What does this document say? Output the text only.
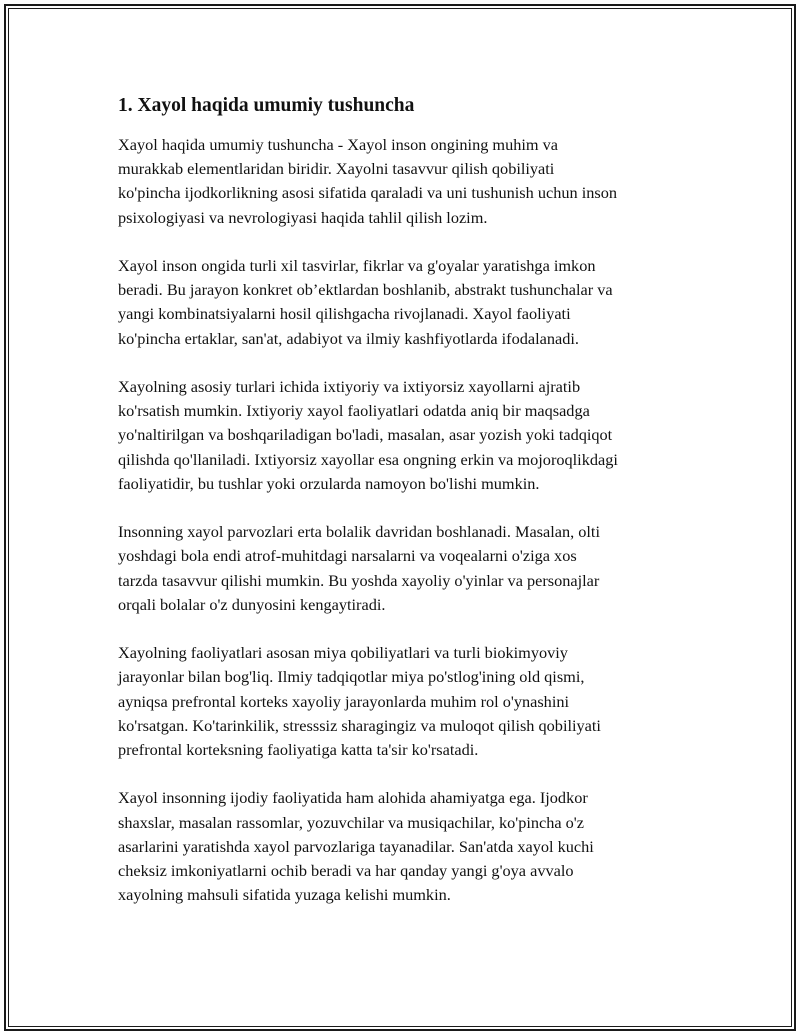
1. Xayol haqida umumiy tushuncha

Xayol haqida umumiy tushuncha - Xayol inson ongining muhim va
murakkab elementlaridan biridir. Xayolni tasavvur qilish qobiliyati
ko'pincha ijodkorlikning asosi sifatida qaraladi va uni tushunish uchun inson
psixologiyasi va nevrologiyasi haqida tahlil qilish lozim.

Xayol inson ongida turli xil tasvirlar, fikrlar va g'oyalar yaratishga imkon
beradi. Bu jarayon konkret ob’ektlardan boshlanib, abstrakt tushunchalar va
yangi kombinatsiyalarni hosil qilishgacha rivojlanadi. Xayol faoliyati
ko'pincha ertaklar, san'at, adabiyot va ilmiy kashfiyotlarda ifodalanadi.

Xayolning asosiy turlari ichida ixtiyoriy va ixtiyorsiz xayollarni ajratib
ko'rsatish mumkin. Ixtiyoriy xayol faoliyatlari odatda aniq bir maqsadga
yo'naltirilgan va boshqariladigan bo'ladi, masalan, asar yozish yoki tadqiqot
qilishda qo'llaniladi. Ixtiyorsiz xayollar esa ongning erkin va mojoroqlikdagi
faoliyatidir, bu tushlar yoki orzularda namoyon bo'lishi mumkin.

Insonning xayol parvozlari erta bolalik davridan boshlanadi. Masalan, olti
yoshdagi bola endi atrof-muhitdagi narsalarni va voqealarni o'ziga xos
tarzda tasavvur qilishi mumkin. Bu yoshda xayoliy o'yinlar va personajlar
orqali bolalar o'z dunyosini kengaytiradi.

Xayolning faoliyatlari asosan miya qobiliyatlari va turli biokimyoviy
jarayonlar bilan bog'liq. Ilmiy tadqiqotlar miya po'stlog'ining old qismi,
ayniqsa prefrontal korteks xayoliy jarayonlarda muhim rol o'ynashini
ko'rsatgan. Ko'tarinkilik, stresssiz sharagingiz va muloqot qilish qobiliyati
prefrontal korteksning faoliyatiga katta ta'sir ko'rsatadi.

Xayol insonning ijodiy faoliyatida ham alohida ahamiyatga ega. Ijodkor
shaxslar, masalan rassomlar, yozuvchilar va musiqachilar, ko'pincha o'z
asarlarini yaratishda xayol parvozlariga tayanadilar. San'atda xayol kuchi
cheksiz imkoniyatlarni ochib beradi va har qanday yangi g'oya avvalo
xayolning mahsuli sifatida yuzaga kelishi mumkin.
